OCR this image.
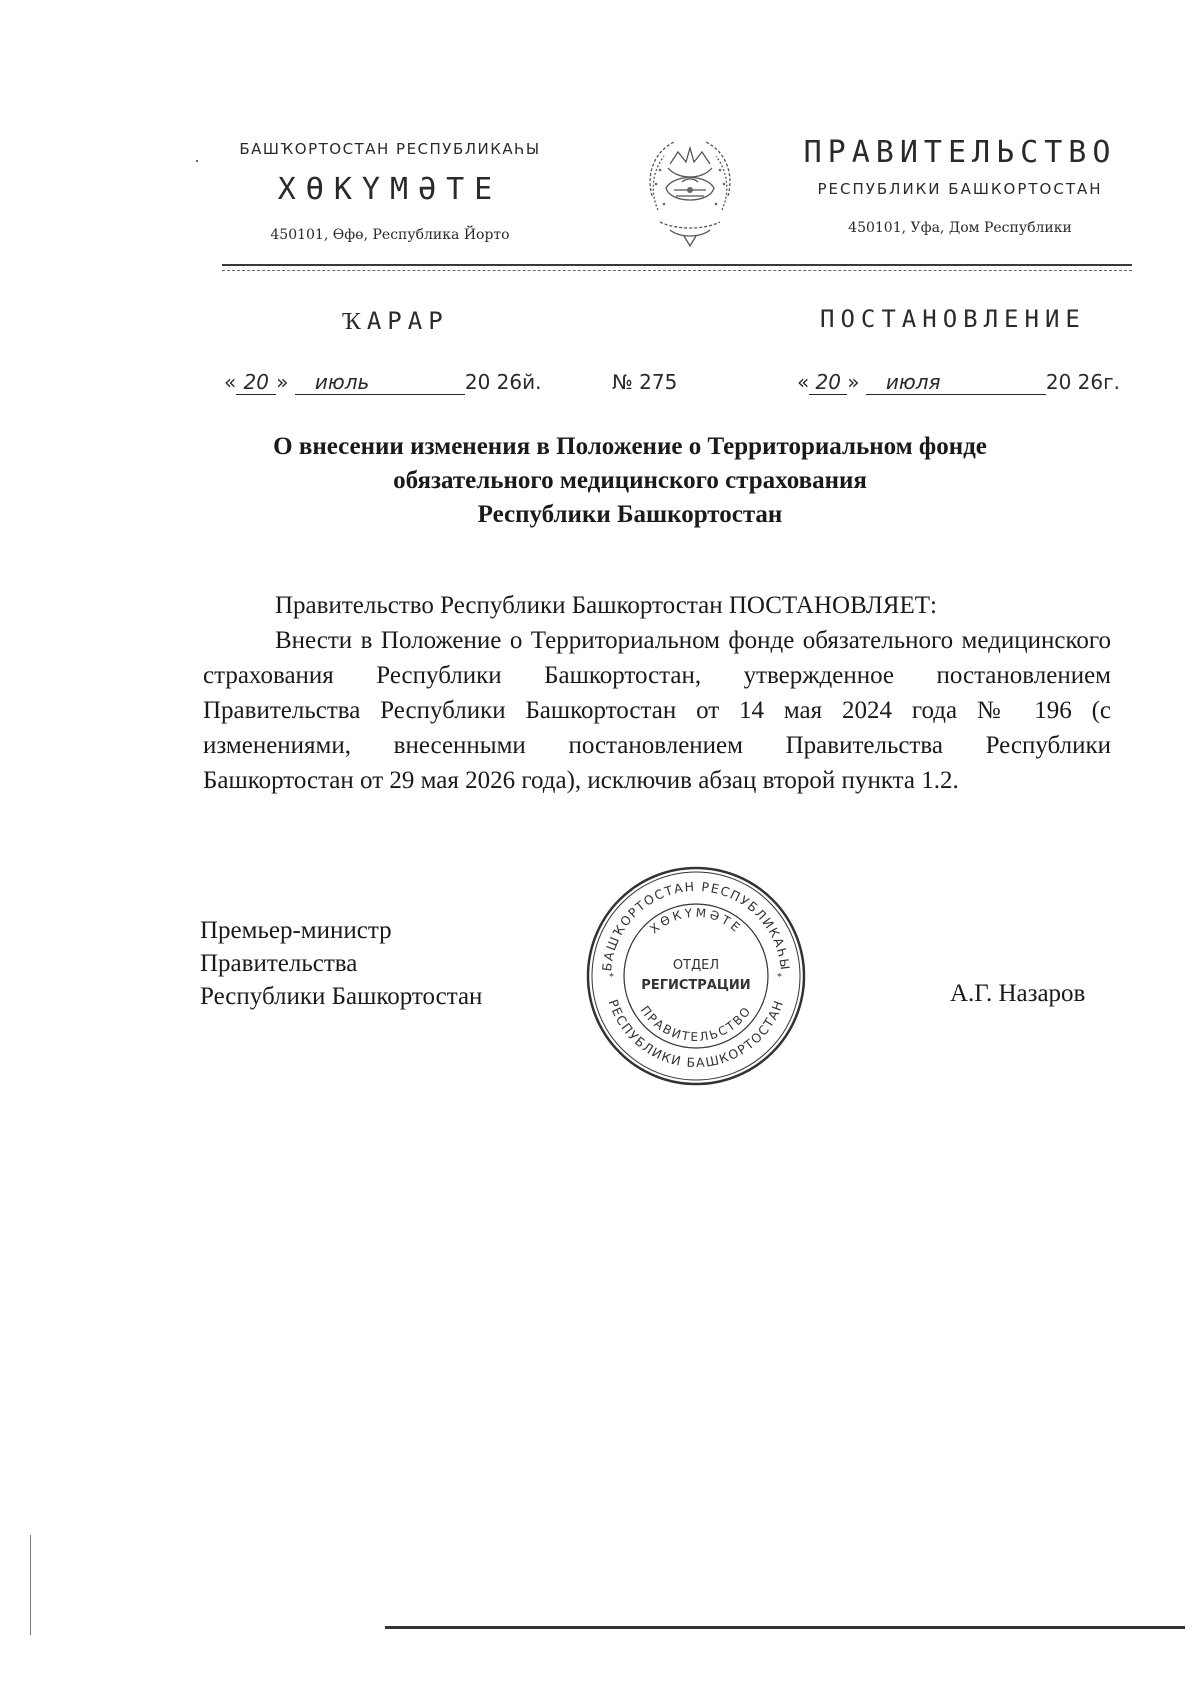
БАШҠОРТОСТАН РЕСПУБЛИКАҺЫ
ХӨКҮМӘТЕ
450101, Өфө, Республика Йорто
ПРАВИТЕЛЬСТВО
РЕСПУБЛИКИ БАШКОРТОСТАН
450101, Уфа, Дом Республики
ҠАРАР	ПОСТАНОВЛЕНИЕ
« 20 » июль	20 26й.	№ 275	« 20 » июля	20 26г.
О внесении изменения в Положение о Территориальном фонде
обязательного медицинского страхования
Республики Башкортостан

Правительство Республики Башкортостан ПОСТАНОВЛЯЕТ:

Внести в Положение о Территориальном фонде обязательного медицинского страхования Республики Башкортостан, утвержденное постановлением Правительства Республики Башкортостан от 14 мая 2024 года № 196 (с изменениями, внесенными постановлением Правительства Республики Башкортостан от 29 мая 2026 года), исключив абзац второй пункта 1.2.

Премьер-министр
Правительства
Республики Башкортостан
БАШҠОРТОСТАН РЕСПУБЛИКАҺЫ
ХӨКҮМӘТЕ
РЕСПУБЛИКИ БАШКОРТОСТАН
ПРАВИТЕЛЬСТВО
ОТДЕЛ
РЕГИСТРАЦИИ
*	*
А.Г. Назаров
